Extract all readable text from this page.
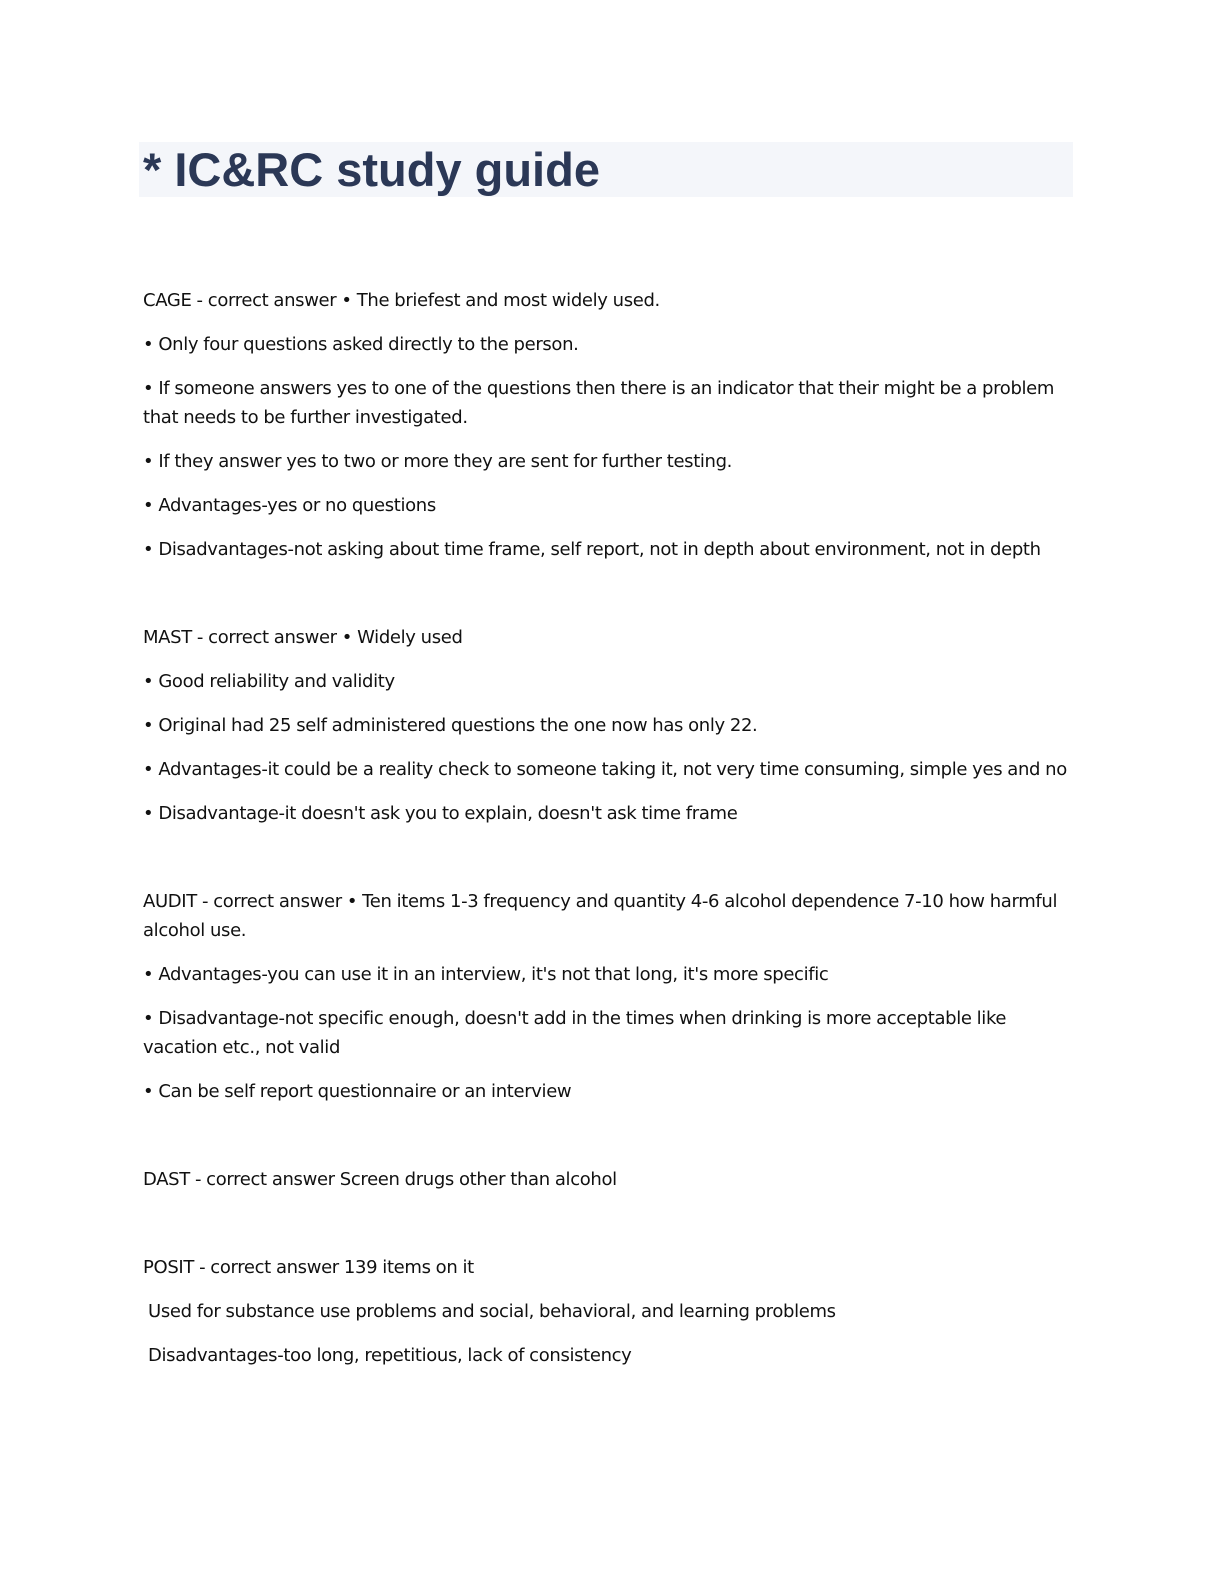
* IC&RC study guide

CAGE - correct answer • The briefest and most widely used.

• Only four questions asked directly to the person.

• If someone answers yes to one of the questions then there is an indicator that their might be a problem that needs to be further investigated.

• If they answer yes to two or more they are sent for further testing.

• Advantages-yes or no questions

• Disadvantages-not asking about time frame, self report, not in depth about environment, not in depth

MAST - correct answer • Widely used

• Good reliability and validity

• Original had 25 self administered questions the one now has only 22.

• Advantages-it could be a reality check to someone taking it, not very time consuming, simple yes and no

• Disadvantage-it doesn't ask you to explain, doesn't ask time frame

AUDIT - correct answer • Ten items 1-3 frequency and quantity 4-6 alcohol dependence 7-10 how harmful alcohol use.

• Advantages-you can use it in an interview, it's not that long, it's more specific

• Disadvantage-not specific enough, doesn't add in the times when drinking is more acceptable like vacation etc., not valid

• Can be self report questionnaire or an interview

DAST - correct answer Screen drugs other than alcohol

POSIT - correct answer 139 items on it

Used for substance use problems and social, behavioral, and learning problems

Disadvantages-too long, repetitious, lack of consistency
